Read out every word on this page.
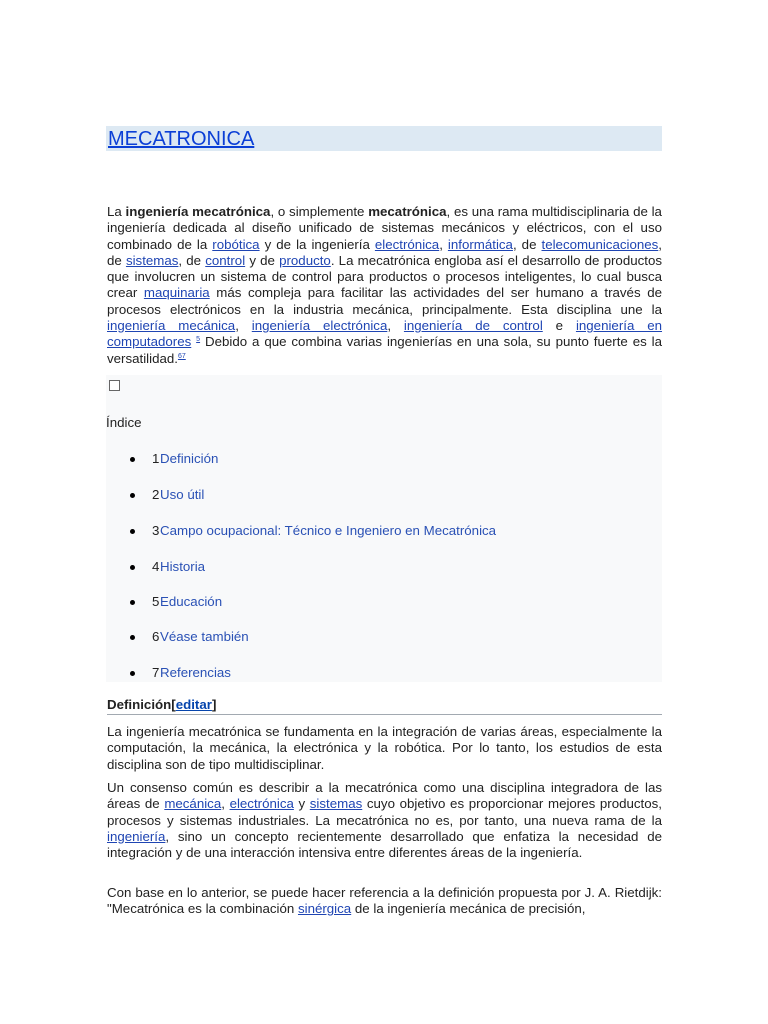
MECATRONICA

La ingeniería mecatrónica, o simplemente mecatrónica, es una rama multidisciplinaria de la ingeniería dedicada al diseño unificado de sistemas mecánicos y eléctricos, con el uso combinado de la robótica y de la ingeniería electrónica, informática, de telecomunicaciones, de sistemas, de control y de producto. La mecatrónica engloba así el desarrollo de productos que involucren un sistema de control para productos o procesos inteligentes, lo cual busca crear maquinaria más compleja para facilitar las actividades del ser humano a través de procesos electrónicos en la industria mecánica, principalmente. Esta disciplina une la ingeniería mecánica, ingeniería electrónica, ingeniería de control e ingeniería en computadores $^5$ Debido a que combina varias ingenierías en una sola, su punto fuerte es la versatilidad.$^{67}$

Índice
1 Definición
2 Uso útil
3 Campo ocupacional: Técnico e Ingeniero en Mecatrónica
4 Historia
5 Educación
6 Véase también
7 Referencias
Definición[editar]

La ingeniería mecatrónica se fundamenta en la integración de varias áreas, especialmente la computación, la mecánica, la electrónica y la robótica. Por lo tanto, los estudios de esta disciplina son de tipo multidisciplinar.

Un consenso común es describir a la mecatrónica como una disciplina integradora de las áreas de mecánica, electrónica y sistemas cuyo objetivo es proporcionar mejores productos, procesos y sistemas industriales. La mecatrónica no es, por tanto, una nueva rama de la ingeniería, sino un concepto recientemente desarrollado que enfatiza la necesidad de integración y de una interacción intensiva entre diferentes áreas de la ingeniería.

Con base en lo anterior, se puede hacer referencia a la definición propuesta por J. A. Rietdijk: "Mecatrónica es la combinación sinérgica de la ingeniería mecánica de precisión,
